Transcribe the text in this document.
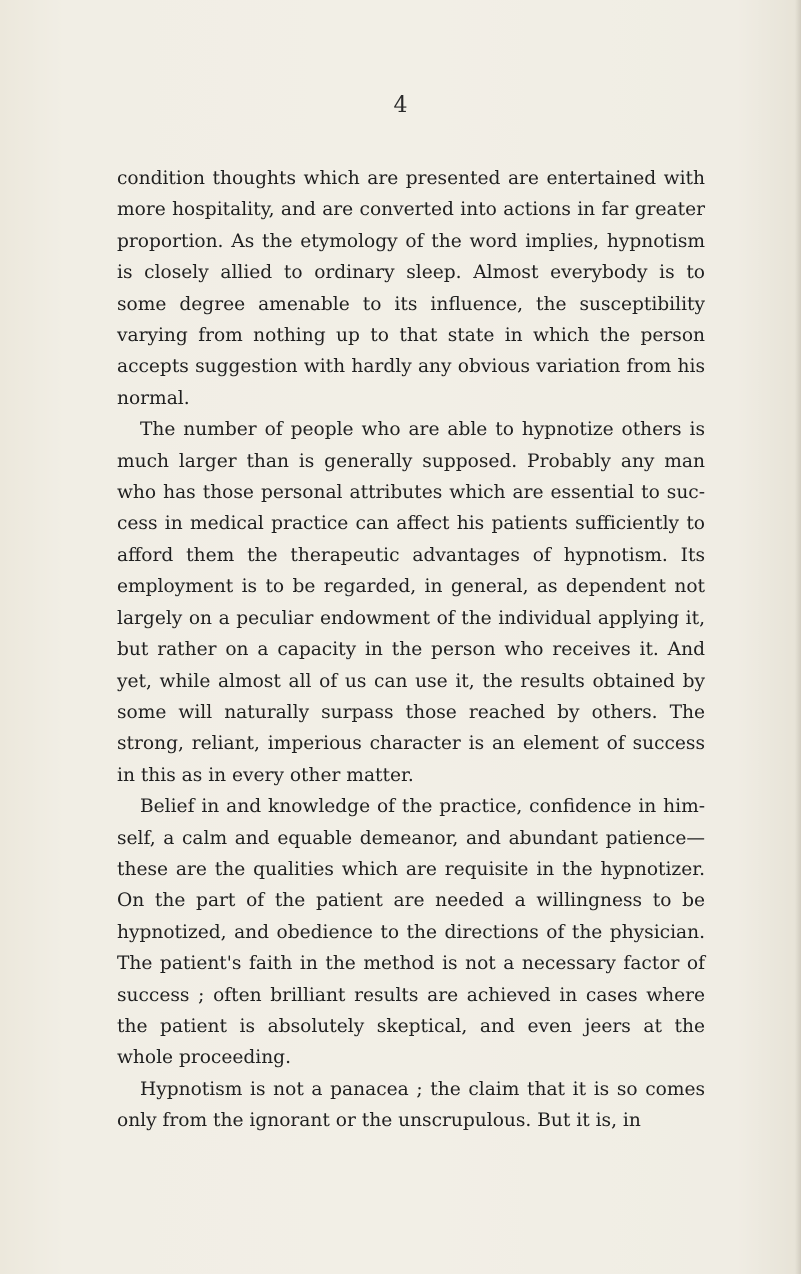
4

condition thoughts which are presented are entertained with more hospitality, and are converted into actions in far greater proportion. As the etymology of the word implies, hypnotism is closely allied to ordinary sleep. Almost everybody is to some degree amenable to its influence, the susceptibility varying from nothing up to that state in which the person accepts suggestion with hardly any obvious variation from his normal.

The number of people who are able to hypnotize others is much larger than is generally supposed. Probably any man who has those personal attributes which are essential to suc-cess in medical practice can affect his patients sufficiently to afford them the therapeutic advantages of hypnotism. Its employment is to be regarded, in general, as dependent not largely on a peculiar endowment of the individual applying it, but rather on a capacity in the person who receives it. And yet, while almost all of us can use it, the results obtained by some will naturally surpass those reached by others. The strong, reliant, imperious character is an element of success in this as in every other matter.

Belief in and knowledge of the practice, confidence in him-self, a calm and equable demeanor, and abundant patience— these are the qualities which are requisite in the hypnotizer. On the part of the patient are needed a willingness to be hypnotized, and obedience to the directions of the physician. The patient's faith in the method is not a necessary factor of success ; often brilliant results are achieved in cases where the patient is absolutely skeptical, and even jeers at the whole proceeding.

Hypnotism is not a panacea ; the claim that it is so comes only from the ignorant or the unscrupulous. But it is, in
